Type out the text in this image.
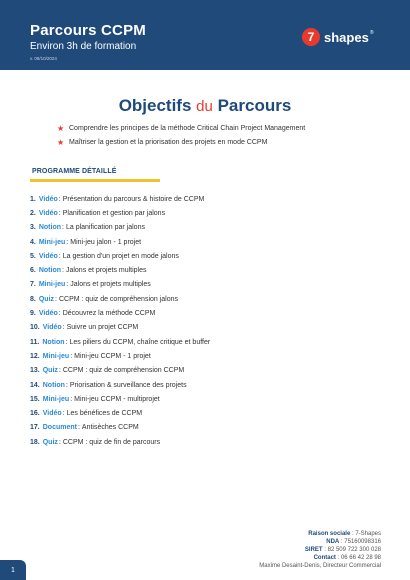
Parcours CCPM
Environ 3h de formation
v. 08/10/2024
7 shapes ®
Objectifs du Parcours
★ Comprendre les principes de la méthode Critical Chain Project Management
★ Maîtriser la gestion et la priorisation des projets en mode CCPM
PROGRAMME DÉTAILLÉ
1. Vidéo : Présentation du parcours & histoire de CCPM
2. Vidéo : Planification et gestion par jalons
3. Notion : La planification par jalons
4. Mini-jeu : Mini-jeu jalon - 1 projet
5. Vidéo : La gestion d'un projet en mode jalons
6. Notion : Jalons et projets multiples
7. Mini-jeu : Jalons et projets multiples
8. Quiz : CCPM : quiz de compréhension jalons
9. Vidéo : Découvrez la méthode CCPM
10. Vidéo : Suivre un projet CCPM
11. Notion : Les piliers du CCPM, chaîne critique et buffer
12. Mini-jeu : Mini-jeu CCPM - 1 projet
13. Quiz : CCPM : quiz de compréhension CCPM
14. Notion : Priorisation & surveillance des projets
15. Mini-jeu : Mini-jeu CCPM - multiprojet
16. Vidéo : Les bénéfices de CCPM
17. Document : Antisèches CCPM
18. Quiz : CCPM : quiz de fin de parcours
Raison sociale : 7-Shapes
NDA : 75160098316
SIRET : 82 509 722 300 028
Contact : 06 66 42 28 98
Maxime Desaint-Denis, Directeur Commercial
1
